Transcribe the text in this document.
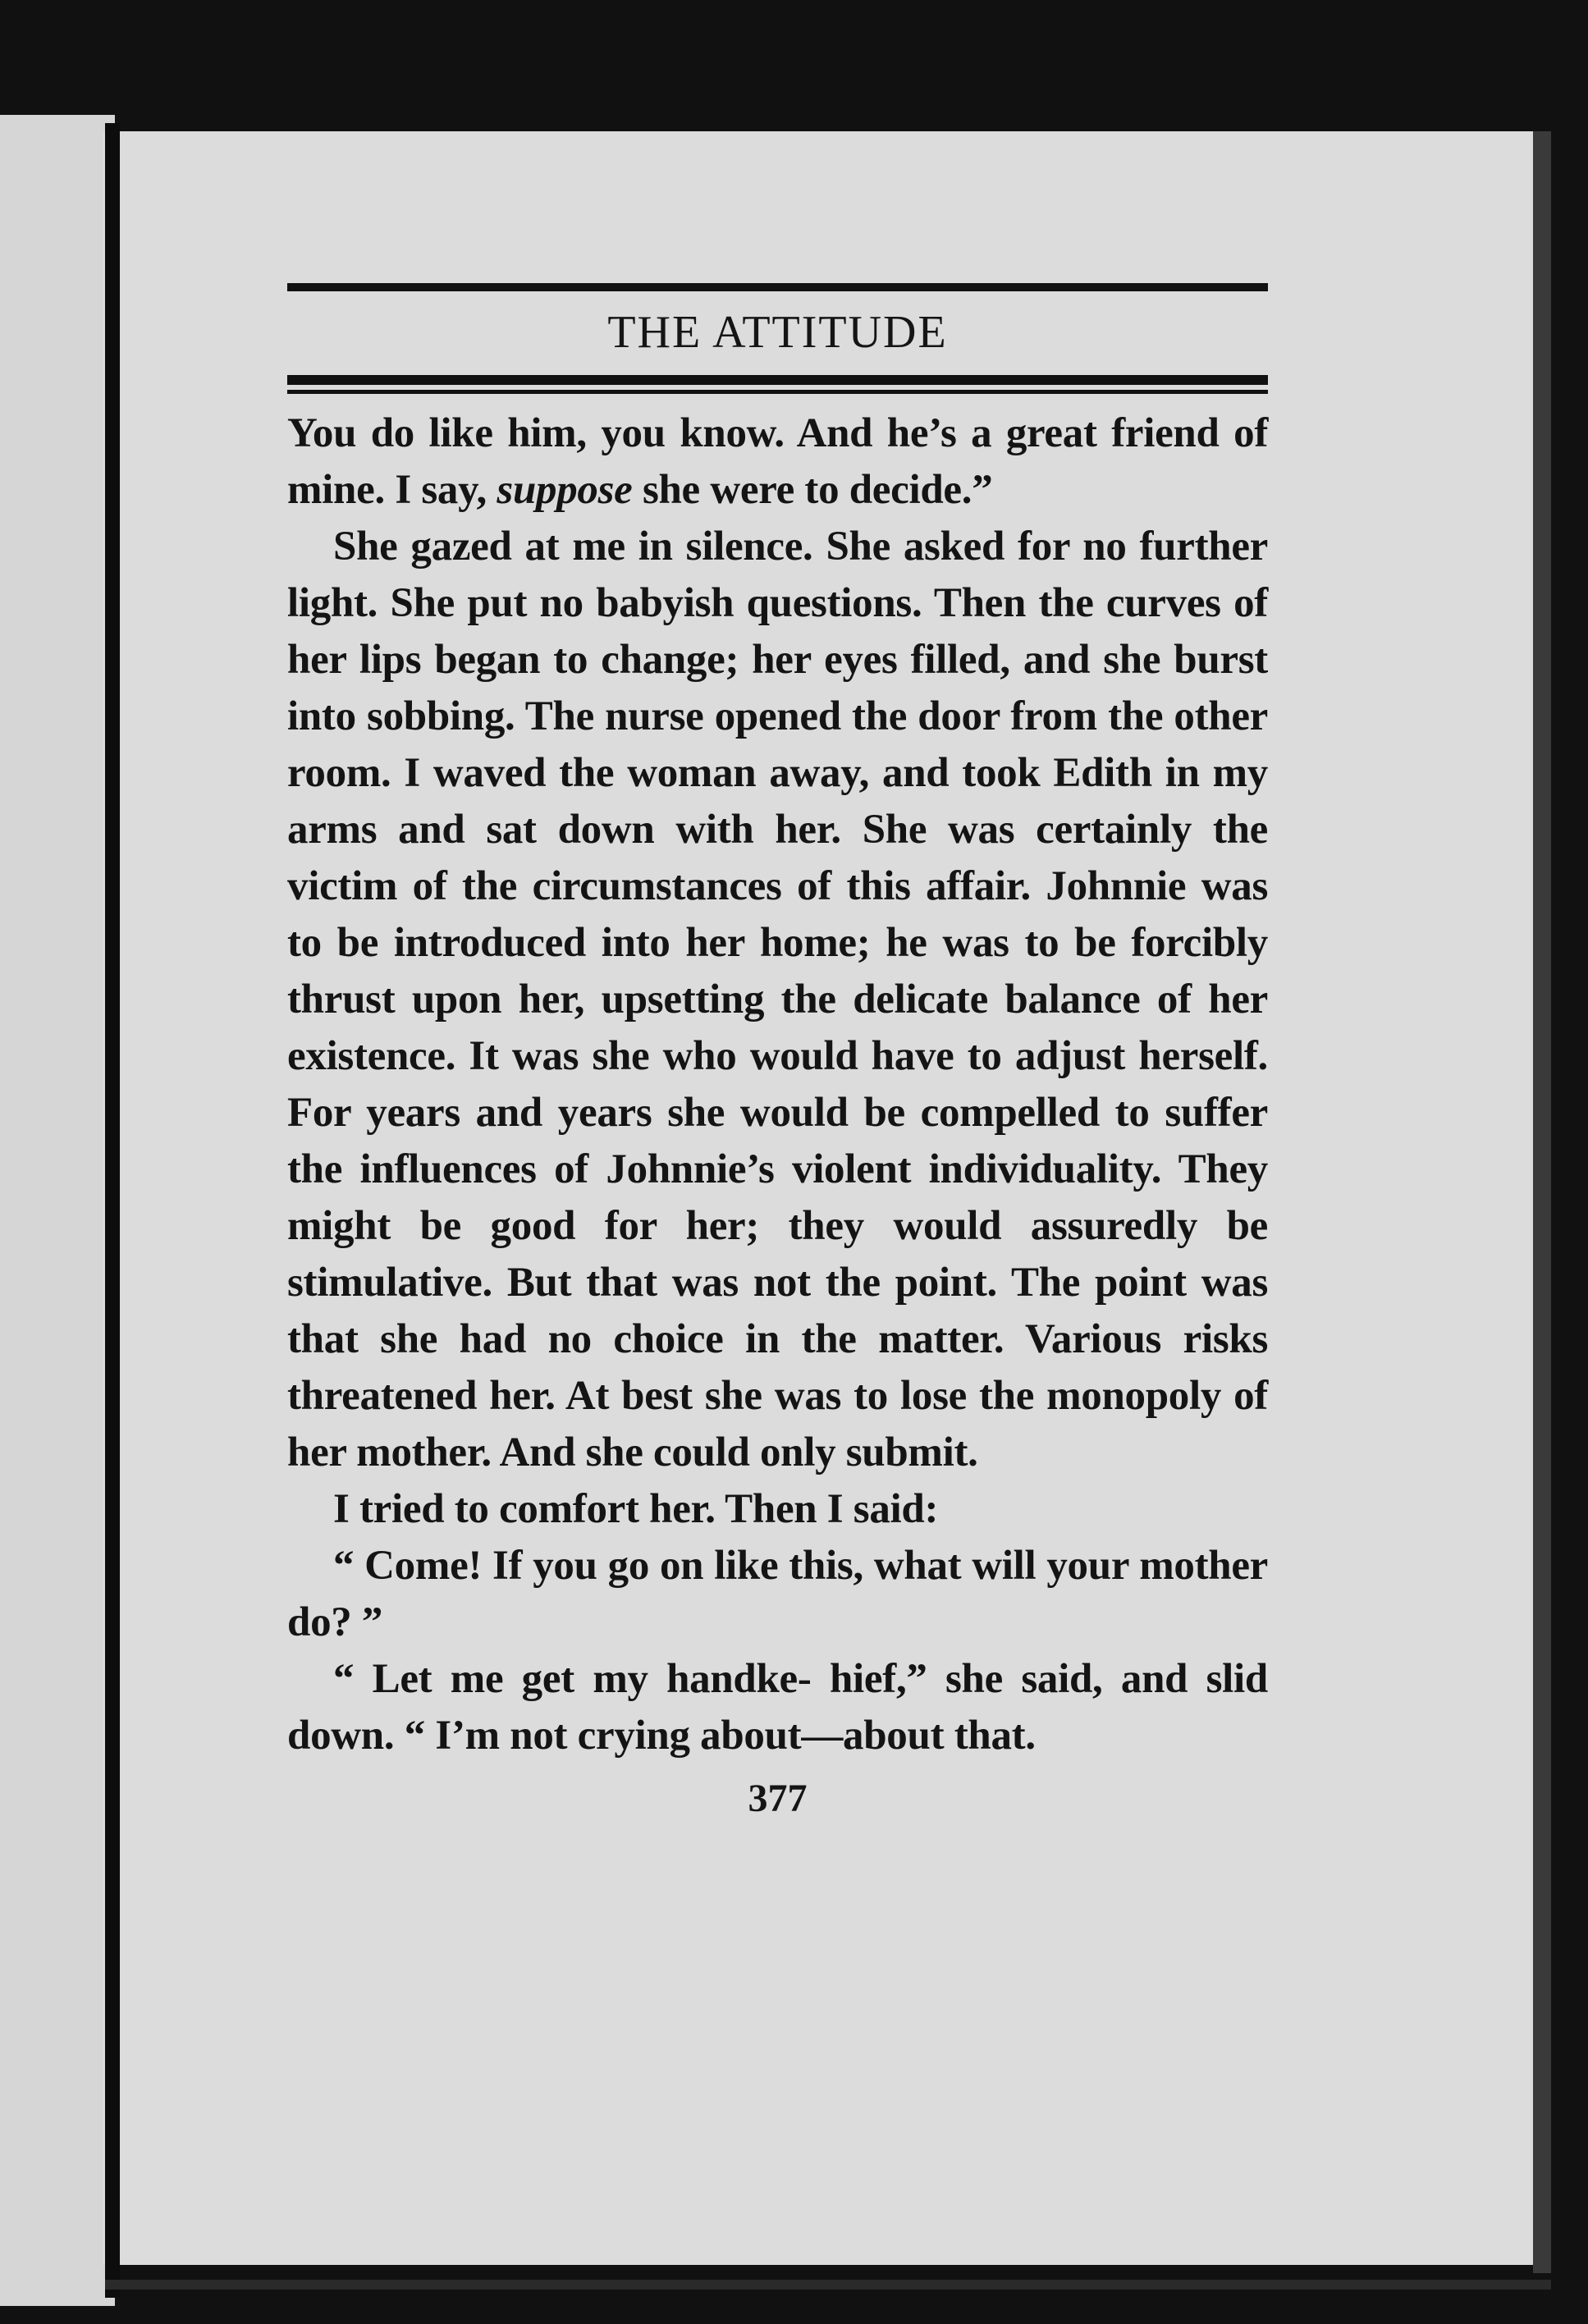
THE ATTITUDE

You do like him, you know. And he’s a great friend of mine. I say, suppose she were to decide.”

She gazed at me in silence. She asked for no further light. She put no babyish questions. Then the curves of her lips began to change; her eyes filled, and she burst into sobbing. The nurse opened the door from the other room. I waved the woman away, and took Edith in my arms and sat down with her. She was certainly the victim of the circumstances of this affair. Johnnie was to be introduced into her home; he was to be forcibly thrust upon her, upsetting the delicate balance of her existence. It was she who would have to adjust herself. For years and years she would be compelled to suffer the influences of Johnnie’s violent individuality. They might be good for her; they would assuredly be stimulative. But that was not the point. The point was that she had no choice in the matter. Various risks threatened her. At best she was to lose the monopoly of her mother. And she could only submit.

I tried to comfort her. Then I said:

“ Come! If you go on like this, what will your mother do? ”

“ Let me get my handke- hief,” she said, and slid down. “ I’m not crying about—about that.

377
